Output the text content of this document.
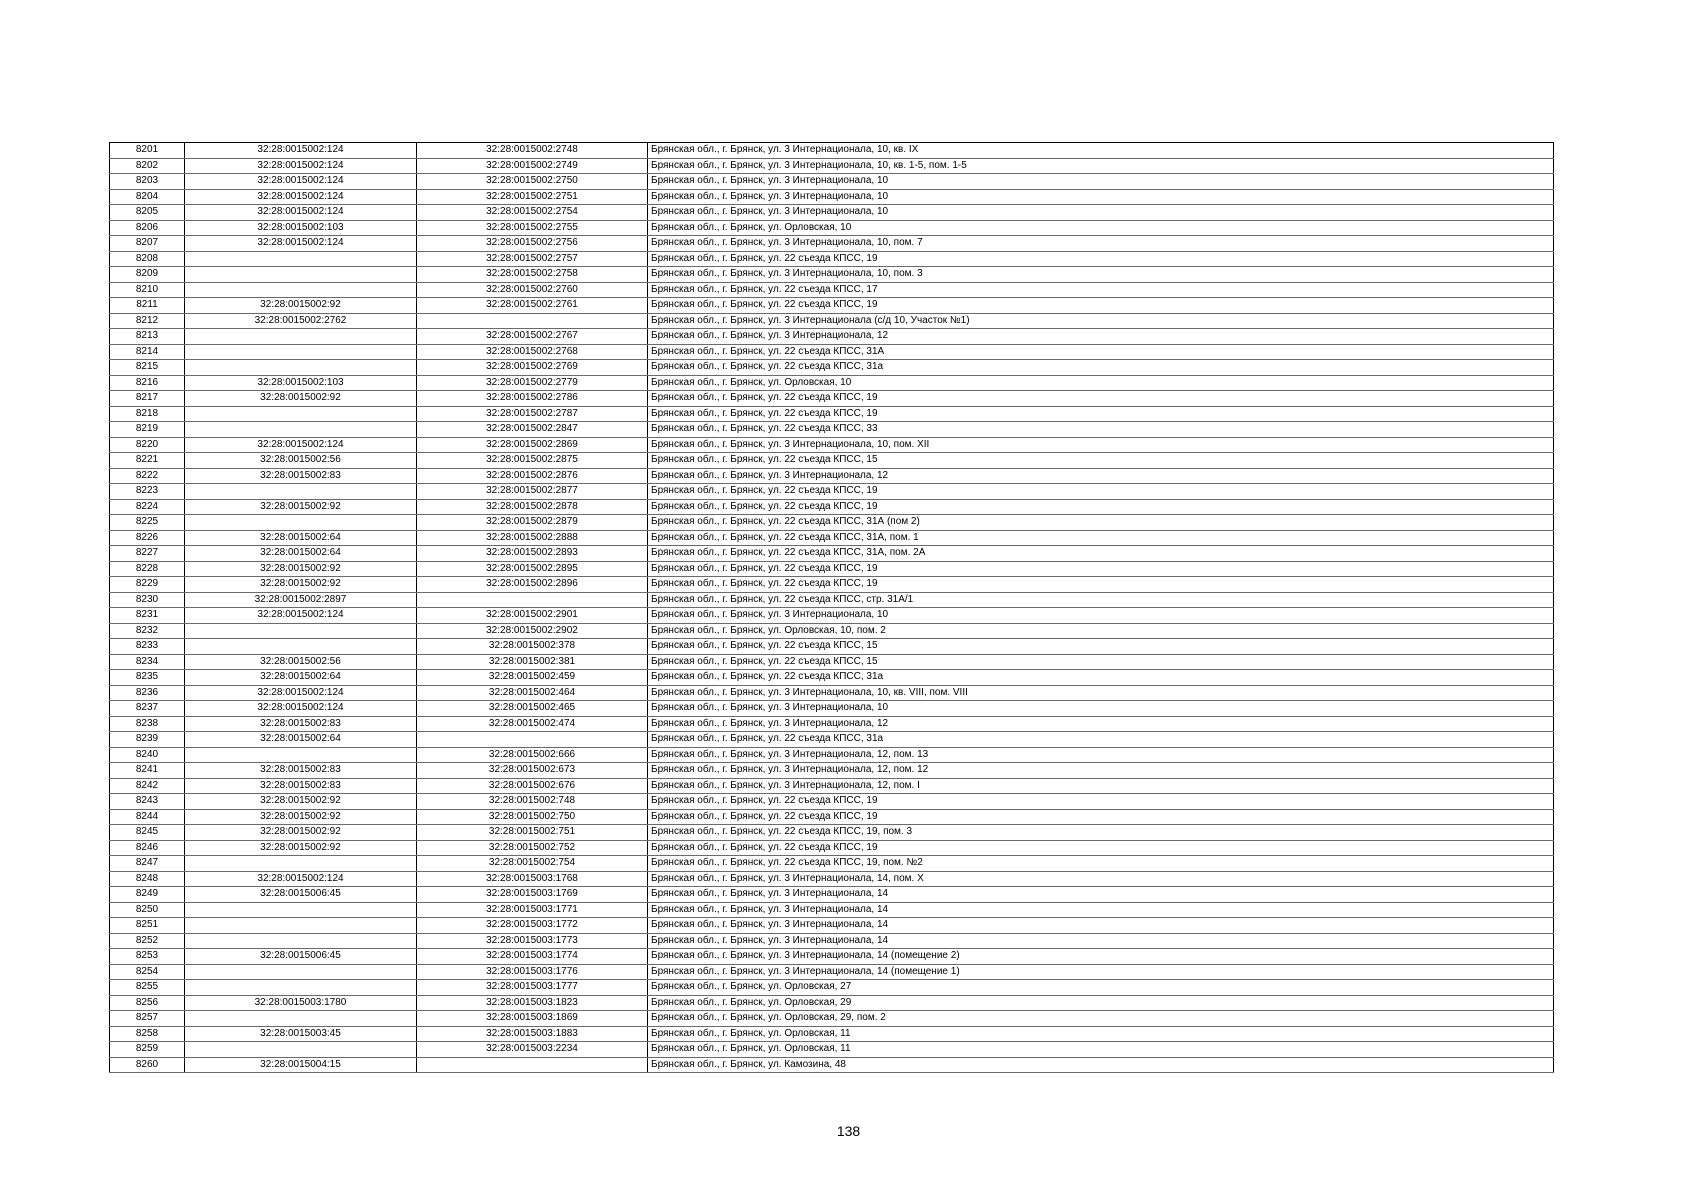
8201	32:28:0015002:124	32:28:0015002:2748	Брянская обл., г. Брянск, ул. 3 Интернационала, 10, кв. IX
8202	32:28:0015002:124	32:28:0015002:2749	Брянская обл., г. Брянск, ул. 3 Интернационала, 10, кв. 1-5, пом. 1-5
8203	32:28:0015002:124	32:28:0015002:2750	Брянская обл., г. Брянск, ул. 3 Интернационала, 10
8204	32:28:0015002:124	32:28:0015002:2751	Брянская обл., г. Брянск, ул. 3 Интернационала, 10
8205	32:28:0015002:124	32:28:0015002:2754	Брянская обл., г. Брянск, ул. 3 Интернационала, 10
8206	32:28:0015002:103	32:28:0015002:2755	Брянская обл., г. Брянск, ул. Орловская, 10
8207	32:28:0015002:124	32:28:0015002:2756	Брянская обл., г. Брянск, ул. 3 Интернационала, 10, пом. 7
8208		32:28:0015002:2757	Брянская обл., г. Брянск, ул. 22 съезда КПСС, 19
8209		32:28:0015002:2758	Брянская обл., г. Брянск, ул. 3 Интернационала, 10, пом. 3
8210		32:28:0015002:2760	Брянская обл., г. Брянск, ул. 22 съезда КПСС, 17
8211	32:28:0015002:92	32:28:0015002:2761	Брянская обл., г. Брянск, ул. 22 съезда КПСС, 19
8212	32:28:0015002:2762		Брянская обл., г. Брянск, ул. 3 Интернационала (с/д 10, Участок №1)
8213		32:28:0015002:2767	Брянская обл., г. Брянск, ул. 3 Интернационала, 12
8214		32:28:0015002:2768	Брянская обл., г. Брянск, ул. 22 съезда КПСС, 31А
8215		32:28:0015002:2769	Брянская обл., г. Брянск, ул. 22 съезда КПСС, 31а
8216	32:28:0015002:103	32:28:0015002:2779	Брянская обл., г. Брянск, ул. Орловская, 10
8217	32:28:0015002:92	32:28:0015002:2786	Брянская обл., г. Брянск, ул. 22 съезда КПСС, 19
8218		32:28:0015002:2787	Брянская обл., г. Брянск, ул. 22 съезда КПСС, 19
8219		32:28:0015002:2847	Брянская обл., г. Брянск, ул. 22 съезда КПСС, 33
8220	32:28:0015002:124	32:28:0015002:2869	Брянская обл., г. Брянск, ул. 3 Интернационала, 10, пом. XII
8221	32:28:0015002:56	32:28:0015002:2875	Брянская обл., г. Брянск, ул. 22 съезда КПСС, 15
8222	32:28:0015002:83	32:28:0015002:2876	Брянская обл., г. Брянск, ул. 3 Интернационала, 12
8223		32:28:0015002:2877	Брянская обл., г. Брянск, ул. 22 съезда КПСС, 19
8224	32:28:0015002:92	32:28:0015002:2878	Брянская обл., г. Брянск, ул. 22 съезда КПСС, 19
8225		32:28:0015002:2879	Брянская обл., г. Брянск, ул. 22 съезда КПСС, 31А (пом 2)
8226	32:28:0015002:64	32:28:0015002:2888	Брянская обл., г. Брянск, ул. 22 съезда КПСС, 31А, пом. 1
8227	32:28:0015002:64	32:28:0015002:2893	Брянская обл., г. Брянск, ул. 22 съезда КПСС, 31А, пом. 2А
8228	32:28:0015002:92	32:28:0015002:2895	Брянская обл., г. Брянск, ул. 22 съезда КПСС, 19
8229	32:28:0015002:92	32:28:0015002:2896	Брянская обл., г. Брянск, ул. 22 съезда КПСС, 19
8230	32:28:0015002:2897		Брянская обл., г. Брянск, ул. 22 съезда КПСС, стр. 31А/1
8231	32:28:0015002:124	32:28:0015002:2901	Брянская обл., г. Брянск, ул. 3 Интернационала, 10
8232		32:28:0015002:2902	Брянская обл., г. Брянск, ул. Орловская, 10, пом. 2
8233		32:28:0015002:378	Брянская обл., г. Брянск, ул. 22 съезда КПСС, 15
8234	32:28:0015002:56	32:28:0015002:381	Брянская обл., г. Брянск, ул. 22 съезда КПСС, 15
8235	32:28:0015002:64	32:28:0015002:459	Брянская обл., г. Брянск, ул. 22 съезда КПСС, 31а
8236	32:28:0015002:124	32:28:0015002:464	Брянская обл., г. Брянск, ул. 3 Интернационала, 10, кв. VIII, пом. VIII
8237	32:28:0015002:124	32:28:0015002:465	Брянская обл., г. Брянск, ул. 3 Интернационала, 10
8238	32:28:0015002:83	32:28:0015002:474	Брянская обл., г. Брянск, ул. 3 Интернационала, 12
8239	32:28:0015002:64		Брянская обл., г. Брянск, ул. 22 съезда КПСС, 31а
8240		32:28:0015002:666	Брянская обл., г. Брянск, ул. 3 Интернационала, 12, пом. 13
8241	32:28:0015002:83	32:28:0015002:673	Брянская обл., г. Брянск, ул. 3 Интернационала, 12, пом. 12
8242	32:28:0015002:83	32:28:0015002:676	Брянская обл., г. Брянск, ул. 3 Интернационала, 12, пом. I
8243	32:28:0015002:92	32:28:0015002:748	Брянская обл., г. Брянск, ул. 22 съезда КПСС, 19
8244	32:28:0015002:92	32:28:0015002:750	Брянская обл., г. Брянск, ул. 22 съезда КПСС, 19
8245	32:28:0015002:92	32:28:0015002:751	Брянская обл., г. Брянск, ул. 22 съезда КПСС, 19, пом. 3
8246	32:28:0015002:92	32:28:0015002:752	Брянская обл., г. Брянск, ул. 22 съезда КПСС, 19
8247		32:28:0015002:754	Брянская обл., г. Брянск, ул. 22 съезда КПСС, 19, пом. №2
8248	32:28:0015002:124	32:28:0015003:1768	Брянская обл., г. Брянск, ул. 3 Интернационала, 14, пом. X
8249	32:28:0015006:45	32:28:0015003:1769	Брянская обл., г. Брянск, ул. 3 Интернационала, 14
8250		32:28:0015003:1771	Брянская обл., г. Брянск, ул. 3 Интернационала, 14
8251		32:28:0015003:1772	Брянская обл., г. Брянск, ул. 3 Интернационала, 14
8252		32:28:0015003:1773	Брянская обл., г. Брянск, ул. 3 Интернационала, 14
8253	32:28:0015006:45	32:28:0015003:1774	Брянская обл., г. Брянск, ул. 3 Интернационала, 14 (помещение 2)
8254		32:28:0015003:1776	Брянская обл., г. Брянск, ул. 3 Интернационала, 14 (помещение 1)
8255		32:28:0015003:1777	Брянская обл., г. Брянск, ул. Орловская, 27
8256	32:28:0015003:1780	32:28:0015003:1823	Брянская обл., г. Брянск, ул. Орловская, 29
8257		32:28:0015003:1869	Брянская обл., г. Брянск, ул. Орловская, 29, пом. 2
8258	32:28:0015003:45	32:28:0015003:1883	Брянская обл., г. Брянск, ул. Орловская, 11
8259		32:28:0015003:2234	Брянская обл., г. Брянск, ул. Орловская, 11
8260	32:28:0015004:15		Брянская обл., г. Брянск, ул. Камозина, 48
138
